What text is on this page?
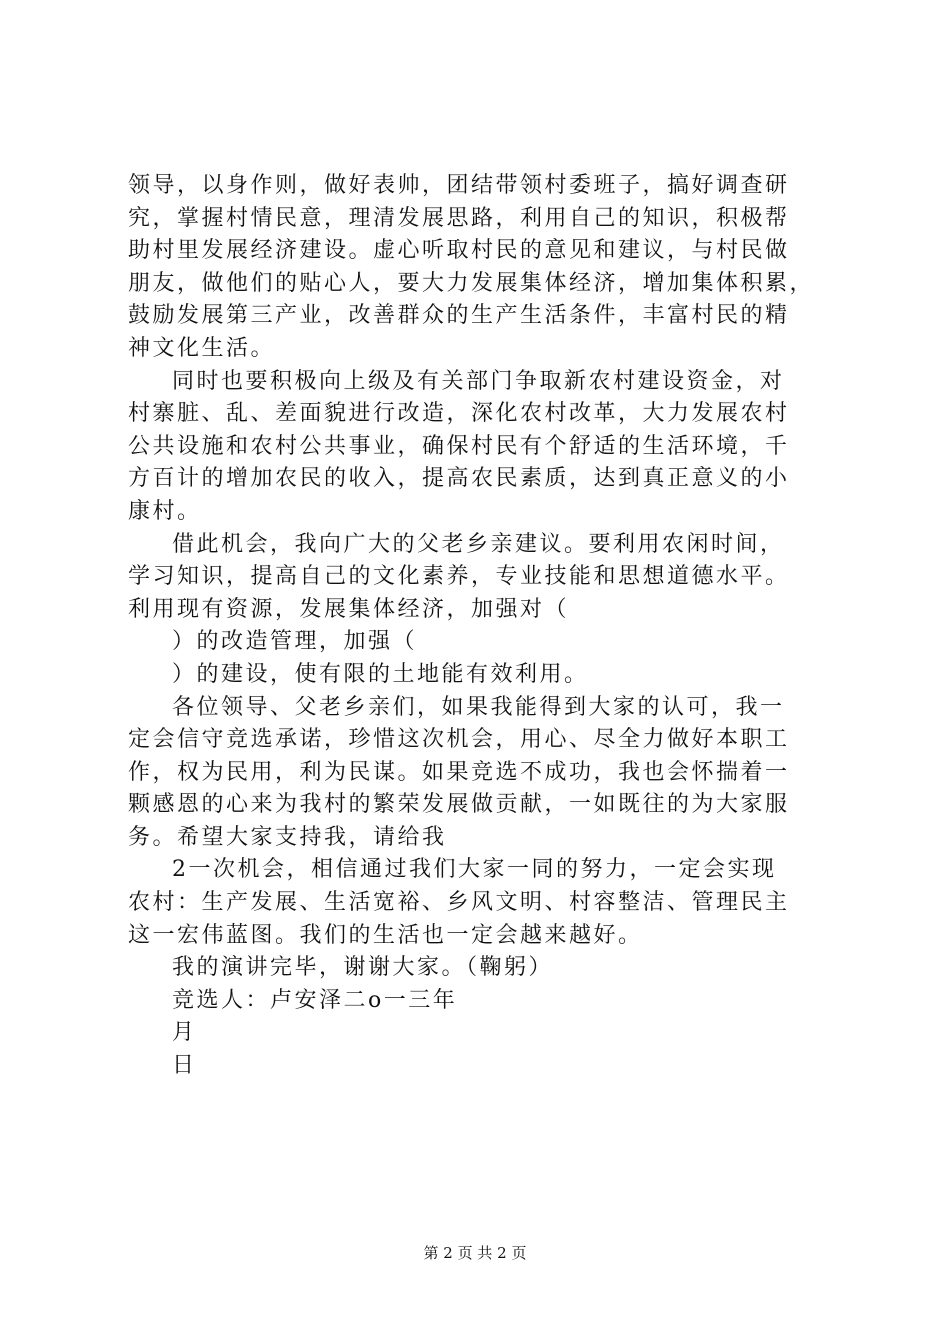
领导，以身作则，做好表帅，团结带领村委班子，搞好调查研
究，掌握村情民意，理清发展思路，利用自己的知识，积极帮
助村里发展经济建设。虚心听取村民的意见和建议，与村民做
朋友，做他们的贴心人，要大力发展集体经济，增加集体积累，
鼓励发展第三产业，改善群众的生产生活条件，丰富村民的精
神文化生活。
同时也要积极向上级及有关部门争取新农村建设资金，对
村寨脏、乱、差面貌进行改造，深化农村改革，大力发展农村
公共设施和农村公共事业，确保村民有个舒适的生活环境，千
方百计的增加农民的收入，提高农民素质，达到真正意义的小
康村。
借此机会，我向广大的父老乡亲建议。要利用农闲时间，
学习知识，提高自己的文化素养，专业技能和思想道德水平。
利用现有资源，发展集体经济，加强对（
）的改造管理，加强（
）的建设，使有限的土地能有效利用。
各位领导、父老乡亲们，如果我能得到大家的认可，我一
定会信守竞选承诺，珍惜这次机会，用心、尽全力做好本职工
作，权为民用，利为民谋。如果竞选不成功，我也会怀揣着一
颗感恩的心来为我村的繁荣发展做贡献，一如既往的为大家服
务。希望大家支持我，请给我
2一次机会，相信通过我们大家一同的努力，一定会实现
农村：生产发展、生活宽裕、乡风文明、村容整洁、管理民主
这一宏伟蓝图。我们的生活也一定会越来越好。
我的演讲完毕，谢谢大家。（鞠躬）
竞选人：卢安泽二o一三年
月
日
第 2 页 共 2 页
